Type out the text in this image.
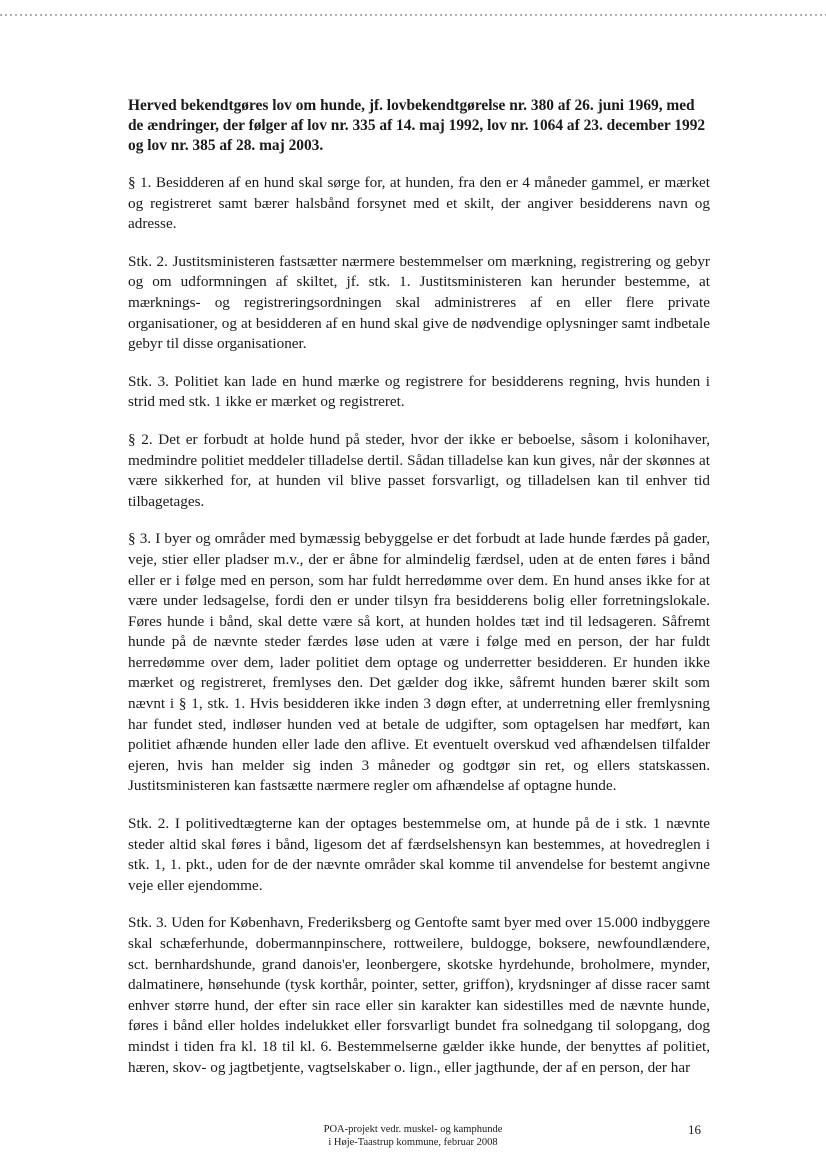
Herved bekendtgøres lov om hunde, jf. lovbekendtgørelse nr. 380 af 26. juni 1969, med de ændringer, der følger af lov nr. 335 af 14. maj 1992, lov nr. 1064 af 23. december 1992 og lov nr. 385 af 28. maj 2003.

§ 1. Besidderen af en hund skal sørge for, at hunden, fra den er 4 måneder gammel, er mærket og registreret samt bærer halsbånd forsynet med et skilt, der angiver besidderens navn og adresse.

Stk. 2. Justitsministeren fastsætter nærmere bestemmelser om mærkning, registrering og gebyr og om udformningen af skiltet, jf. stk. 1. Justitsministeren kan herunder bestemme, at mærknings- og registreringsordningen skal administreres af en eller flere private organisationer, og at besidderen af en hund skal give de nødvendige oplysninger samt indbetale gebyr til disse organisationer.

Stk. 3. Politiet kan lade en hund mærke og registrere for besidderens regning, hvis hunden i strid med stk. 1 ikke er mærket og registreret.

§ 2. Det er forbudt at holde hund på steder, hvor der ikke er beboelse, såsom i kolonihaver, medmindre politiet meddeler tilladelse dertil. Sådan tilladelse kan kun gives, når der skønnes at være sikkerhed for, at hunden vil blive passet forsvarligt, og tilladelsen kan til enhver tid tilbagetages.

§ 3. I byer og områder med bymæssig bebyggelse er det forbudt at lade hunde færdes på gader, veje, stier eller pladser m.v., der er åbne for almindelig færdsel, uden at de enten føres i bånd eller er i følge med en person, som har fuldt herredømme over dem. En hund anses ikke for at være under ledsagelse, fordi den er under tilsyn fra besidderens bolig eller forretningslokale. Føres hunde i bånd, skal dette være så kort, at hunden holdes tæt ind til ledsageren. Såfremt hunde på de nævnte steder færdes løse uden at være i følge med en person, der har fuldt herredømme over dem, lader politiet dem optage og underretter besidderen. Er hunden ikke mærket og registreret, fremlyses den. Det gælder dog ikke, såfremt hunden bærer skilt som nævnt i § 1, stk. 1. Hvis besidderen ikke inden 3 døgn efter, at underretning eller fremlysning har fundet sted, indløser hunden ved at betale de udgifter, som optagelsen har medført, kan politiet afhænde hunden eller lade den aflive. Et eventuelt overskud ved afhændelsen tilfalder ejeren, hvis han melder sig inden 3 måneder og godtgør sin ret, og ellers statskassen. Justitsministeren kan fastsætte nærmere regler om afhændelse af optagne hunde.

Stk. 2. I politivedtægterne kan der optages bestemmelse om, at hunde på de i stk. 1 nævnte steder altid skal føres i bånd, ligesom det af færdselshensyn kan bestemmes, at hovedreglen i stk. 1, 1. pkt., uden for de der nævnte områder skal komme til anvendelse for bestemt angivne veje eller ejendomme.

Stk. 3. Uden for København, Frederiksberg og Gentofte samt byer med over 15.000 indbyggere skal schæferhunde, dobermannpinschere, rottweilere, buldogge, boksere, newfoundlændere, sct. bernhardshunde, grand danois'er, leonbergere, skotske hyrdehunde, broholmere, mynder, dalmatinere, hønsehunde (tysk korthår, pointer, setter, griffon), krydsninger af disse racer samt enhver større hund, der efter sin race eller sin karakter kan sidestilles med de nævnte hunde, føres i bånd eller holdes indelukket eller forsvarligt bundet fra solnedgang til solopgang, dog mindst i tiden fra kl. 18 til kl. 6. Bestemmelserne gælder ikke hunde, der benyttes af politiet, hæren, skov- og jagtbetjente, vagtselskaber o. lign., eller jagthunde, der af en person, der har

POA-projekt vedr. muskel- og kamphunde
i Høje-Taastrup kommune, februar 2008
16
